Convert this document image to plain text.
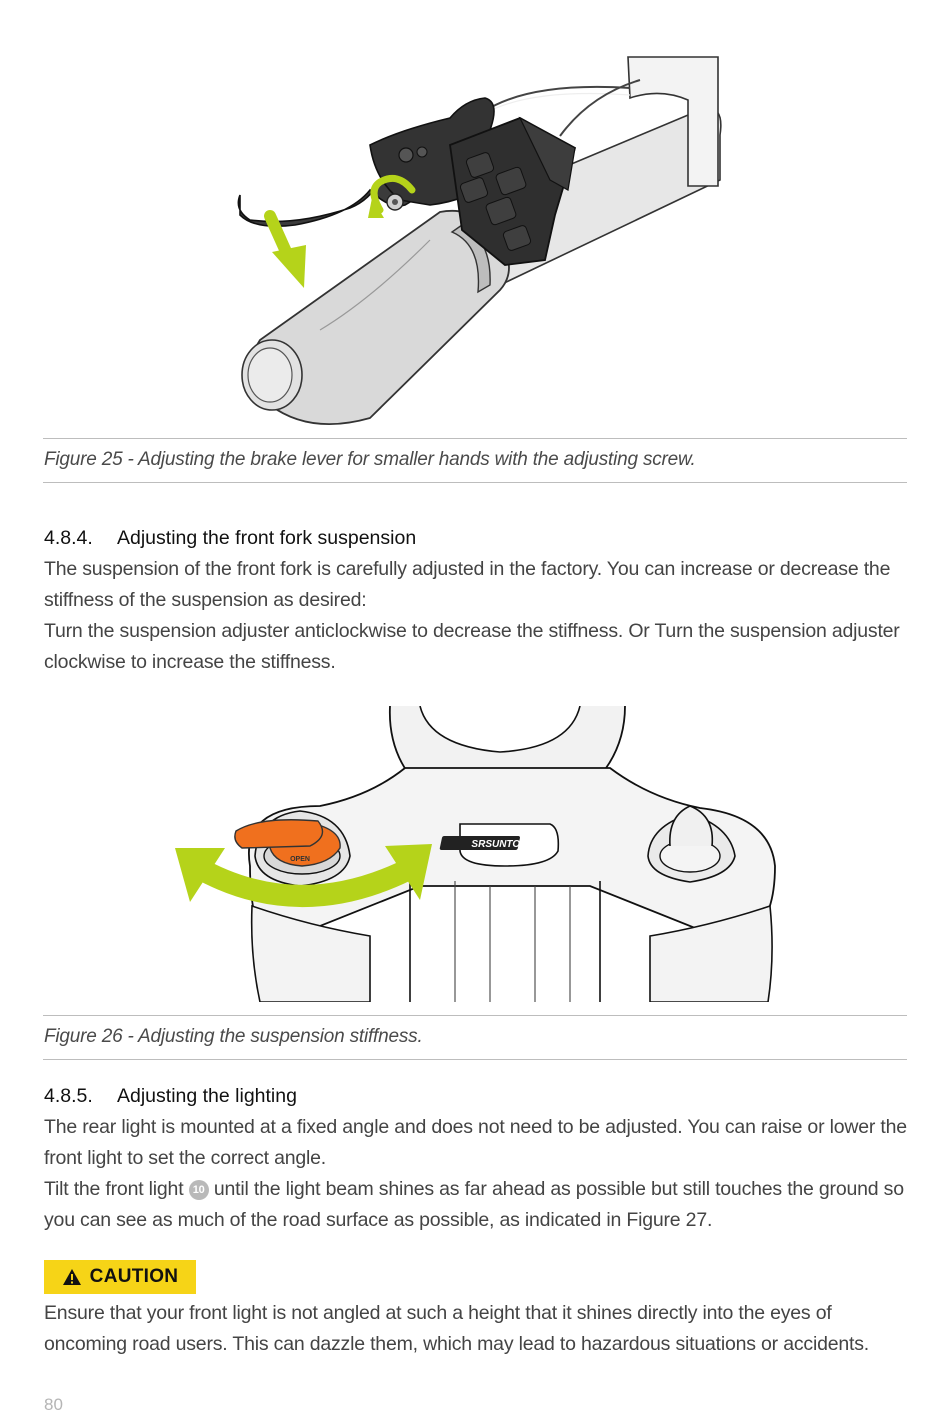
Figure 25 - Adjusting the brake lever for smaller hands with the adjusting screw.
4.8.4. Adjusting the front fork suspension

The suspension of the front fork is carefully adjusted in the factory. You can increase or decrease the stiffness of the suspension as desired:

Turn the suspension adjuster anticlockwise to decrease the stiffness. Or Turn the suspension adjuster clockwise to increase the stiffness.

SRSUNTOUR
OPEN
Figure 26 - Adjusting the suspension stiffness.
4.8.5. Adjusting the lighting

The rear light is mounted at a fixed angle and does not need to be adjusted. You can raise or lower the front light to set the correct angle.

Tilt the front light 10 until the light beam shines as far ahead as possible but still touches the ground so you can see as much of the road surface as possible, as indicated in Figure 27.

CAUTION

Ensure that your front light is not angled at such a height that it shines directly into the eyes of oncoming road users. This can dazzle them, which may lead to hazardous situations or accidents.

80
